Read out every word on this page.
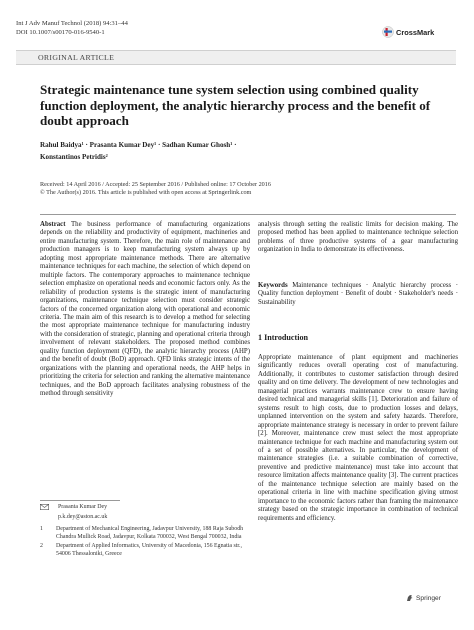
Int J Adv Manuf Technol (2018) 94:31–44
DOI 10.1007/s00170-016-9540-1	CrossMark
ORIGINAL ARTICLE
Strategic maintenance tune system selection using combined quality function deployment, the analytic hierarchy process and the benefit of doubt approach
Rahul Baidya¹ · Prasanta Kumar Dey¹ · Sadhan Kumar Ghosh¹ ·
Konstantinos Petridis²
Received: 14 April 2016 / Accepted: 25 September 2016 / Published online: 17 October 2016
© The Author(s) 2016. This article is published with open access at Springerlink.com
Abstract The business performance of manufacturing organizations depends on the reliability and productivity of equipment, machineries and entire manufacturing system. Therefore, the main role of maintenance and production managers is to keep manufacturing system always up by adopting most appropriate maintenance methods. There are alternative maintenance techniques for each machine, the selection of which depend on multiple factors. The contemporary approaches to maintenance technique selection emphasize on operational needs and economic factors only. As the reliability of production systems is the strategic intent of manufacturing organizations, maintenance technique selection must consider strategic factors of the concerned organization along with operational and economic criteria. The main aim of this research is to develop a method for selecting the most appropriate maintenance technique for manufacturing industry with the consideration of strategic, planning and operational criteria through involvement of relevant stakeholders. The proposed method combines quality function deployment (QFD), the analytic hierarchy process (AHP) and the benefit of doubt (BoD) approach. QFD links strategic intents of the organizations with the planning and operational needs, the AHP helps in prioritizing the criteria for selection and ranking the alternative maintenance techniques, and the BoD approach facilitates analysing robustness of the method through sensitivity
analysis through setting the realistic limits for decision making. The proposed method has been applied to maintenance technique selection problems of three productive systems of a gear manufacturing organization in India to demonstrate its effectiveness.
Keywords Maintenance techniques · Analytic hierarchy process · Quality function deployment · Benefit of doubt · Stakeholder's needs · Sustainability
1 Introduction
Appropriate maintenance of plant equipment and machineries significantly reduces overall operating cost of manufacturing. Additionally, it contributes to customer satisfaction through desired quality and on time delivery. The development of new technologies and managerial practices warrants maintenance crew to ensure having desired technical and managerial skills [1]. Deterioration and failure of systems result to high costs, due to production losses and delays, unplanned intervention on the system and safety hazards. Therefore, appropriate maintenance strategy is necessary in order to prevent failure [2]. Moreover, maintenance crew must select the most appropriate maintenance technique for each machine and manufacturing system out of a set of possible alternatives. In particular, the development of maintenance strategies (i.e. a suitable combination of corrective, preventive and predictive maintenance) must take into account that resource limitation affects maintenance quality [3]. The current practices of the maintenance technique selection are mainly based on the operational criteria in line with machine specification giving utmost importance to the economic factors rather than framing the maintenance strategy based on the strategic importance in combination of technical requirements and efficiency.
Prasanta Kumar Dey
p.k.dey@aston.ac.uk
1	Department of Mechanical Engineering, Jadavpur University, 188 Raja Subodh Chandra Mullick Road, Jadavpur, Kolkata 700032, West Bengal 700032, India
2	Department of Applied Informatics, University of Macedonia, 156 Egnatia str., 54006 Thessaloniki, Greece
Springer
